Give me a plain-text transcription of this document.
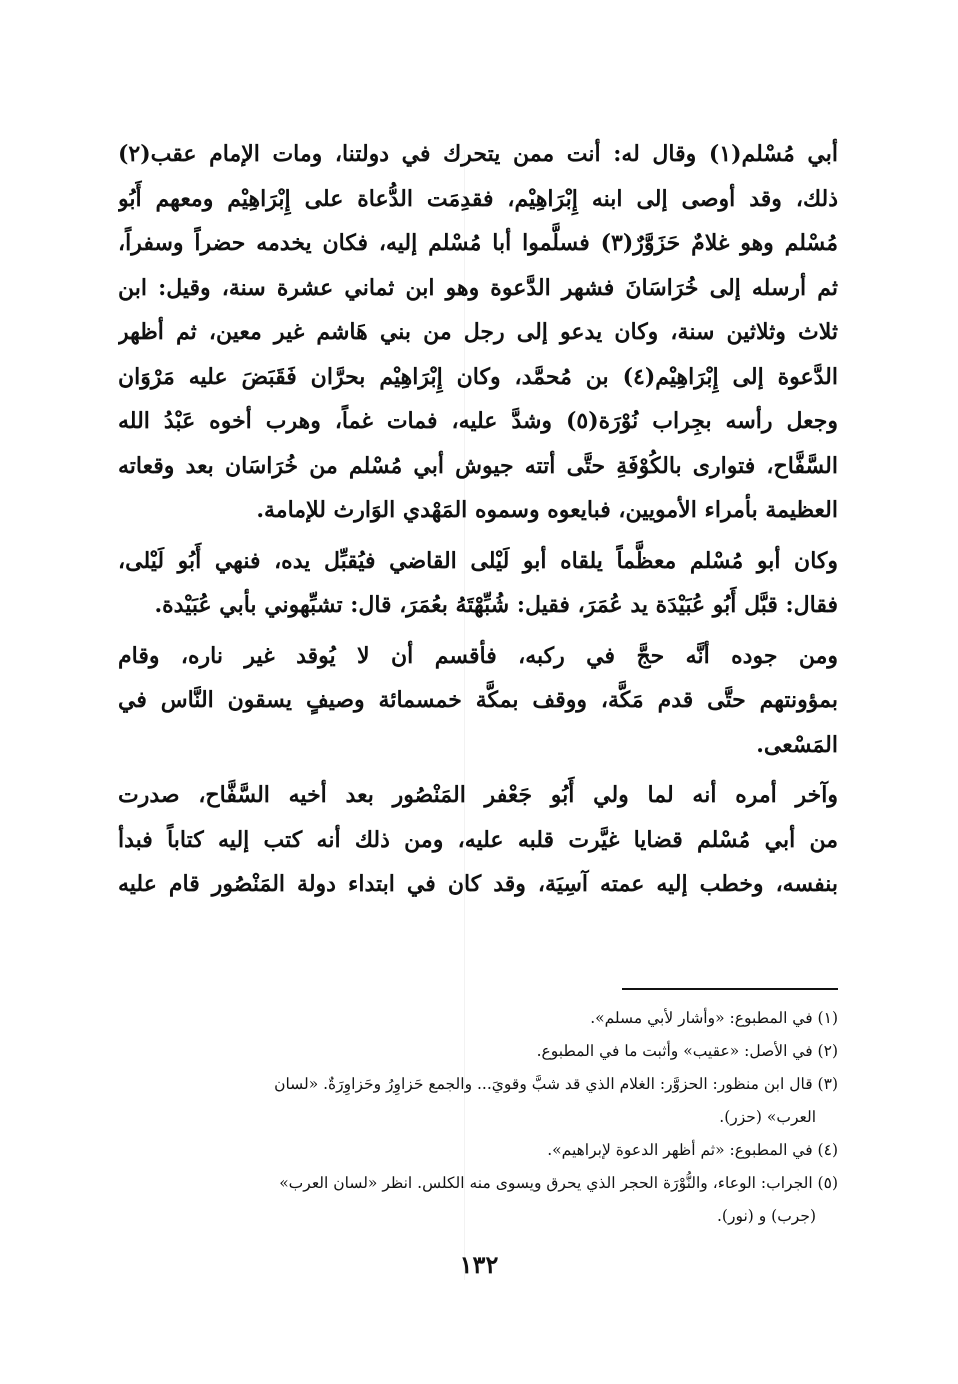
أبي مُسْلم(١) وقال له: أنت ممن يتحرك في دولتنا، ومات الإمام عقب(٢)
ذلك، وقد أوصى إلى ابنه إِبْرَاهِيْم، فقدِمَت الدُّعاة على إِبْرَاهِيْم ومعهم أَبُو
مُسْلم وهو غلامٌ حَزَوَّرٌ(٣) فسلَّموا أبا مُسْلم إليه، فكان يخدمه حضراً وسفراً،
ثم أرسله إلى خُرَاسَانَ فشهر الدَّعوة وهو ابن ثماني عشرة سنة، وقيل: ابن
ثلاث وثلاثين سنة، وكان يدعو إلى رجل من بني هَاشم غير معين، ثم أظهر
الدَّعوة إلى إِبْرَاهِيْم(٤) بن مُحمَّد، وكان إِبْرَاهِيْم بحرَّان فَقَبَضَ عليه مَرْوَان
وجعل رأسه بجِراب نُوْرَة(٥) وشدَّ عليه، فمات غماً، وهرب أخوه عَبْدُ الله
السَّفَّاح، فتوارى بالكُوْفَةِ حتَّى أتته جيوش أبي مُسْلم من خُرَاسَان بعد وقعاته
العظيمة بأمراء الأمويين، فبايعوه وسموه المَهْدي الوَارث للإمامة.
وكان أبو مُسْلم معظَّماً يلقاه أبو لَيْلى القاضي فيُقبِّل يده، فنهي أَبُو لَيْلى،
فقال: قبَّل أَبُو عُبَيْدَة يد عُمَرَ، فقيل: شُبِّهْتَهُ بعُمَرَ، قال: تشبِّهوني بأبي عُبَيْدة.
ومن جوده أنَّه حجَّ في ركبه، فأقسم أن لا يُوقد غير ناره، وقام
بمؤونتهم حتَّى قدم مَكَّة، ووقف بمكَّة خمسمائة وصيفٍ يسقون النَّاس في
المَسْعى.
وآخر أمره أنه لما ولي أَبُو جَعْفر المَنْصُور بعد أخيه السَّفَّاح، صدرت
من أبي مُسْلم قضايا غيَّرت قلبه عليه، ومن ذلك أنه كتب إليه كتاباً فبدأ
بنفسه، وخطب إليه عمته آسِيَة، وقد كان في ابتداء دولة المَنْصُور قام عليه
(١) في المطبوع: «وأشار لأبي مسلم».
(٢) في الأصل: «عقيب» وأثبت ما في المطبوع.
(٣) قال ابن منظور: الحزوَّر: الغلام الذي قد شبَّ وقويَ... والجمع حَزاوِرُ وحَزاوِرَةٌ. «لسان
العرب» (حزر).
(٤) في المطبوع: «ثم أظهر الدعوة لإبراهيم».
(٥) الجراب: الوعاء، والنُّوْرَة الحجر الذي يحرق ويسوى منه الكلس. انظر «لسان العرب»
(جرب) و (نور).
١٣٢
